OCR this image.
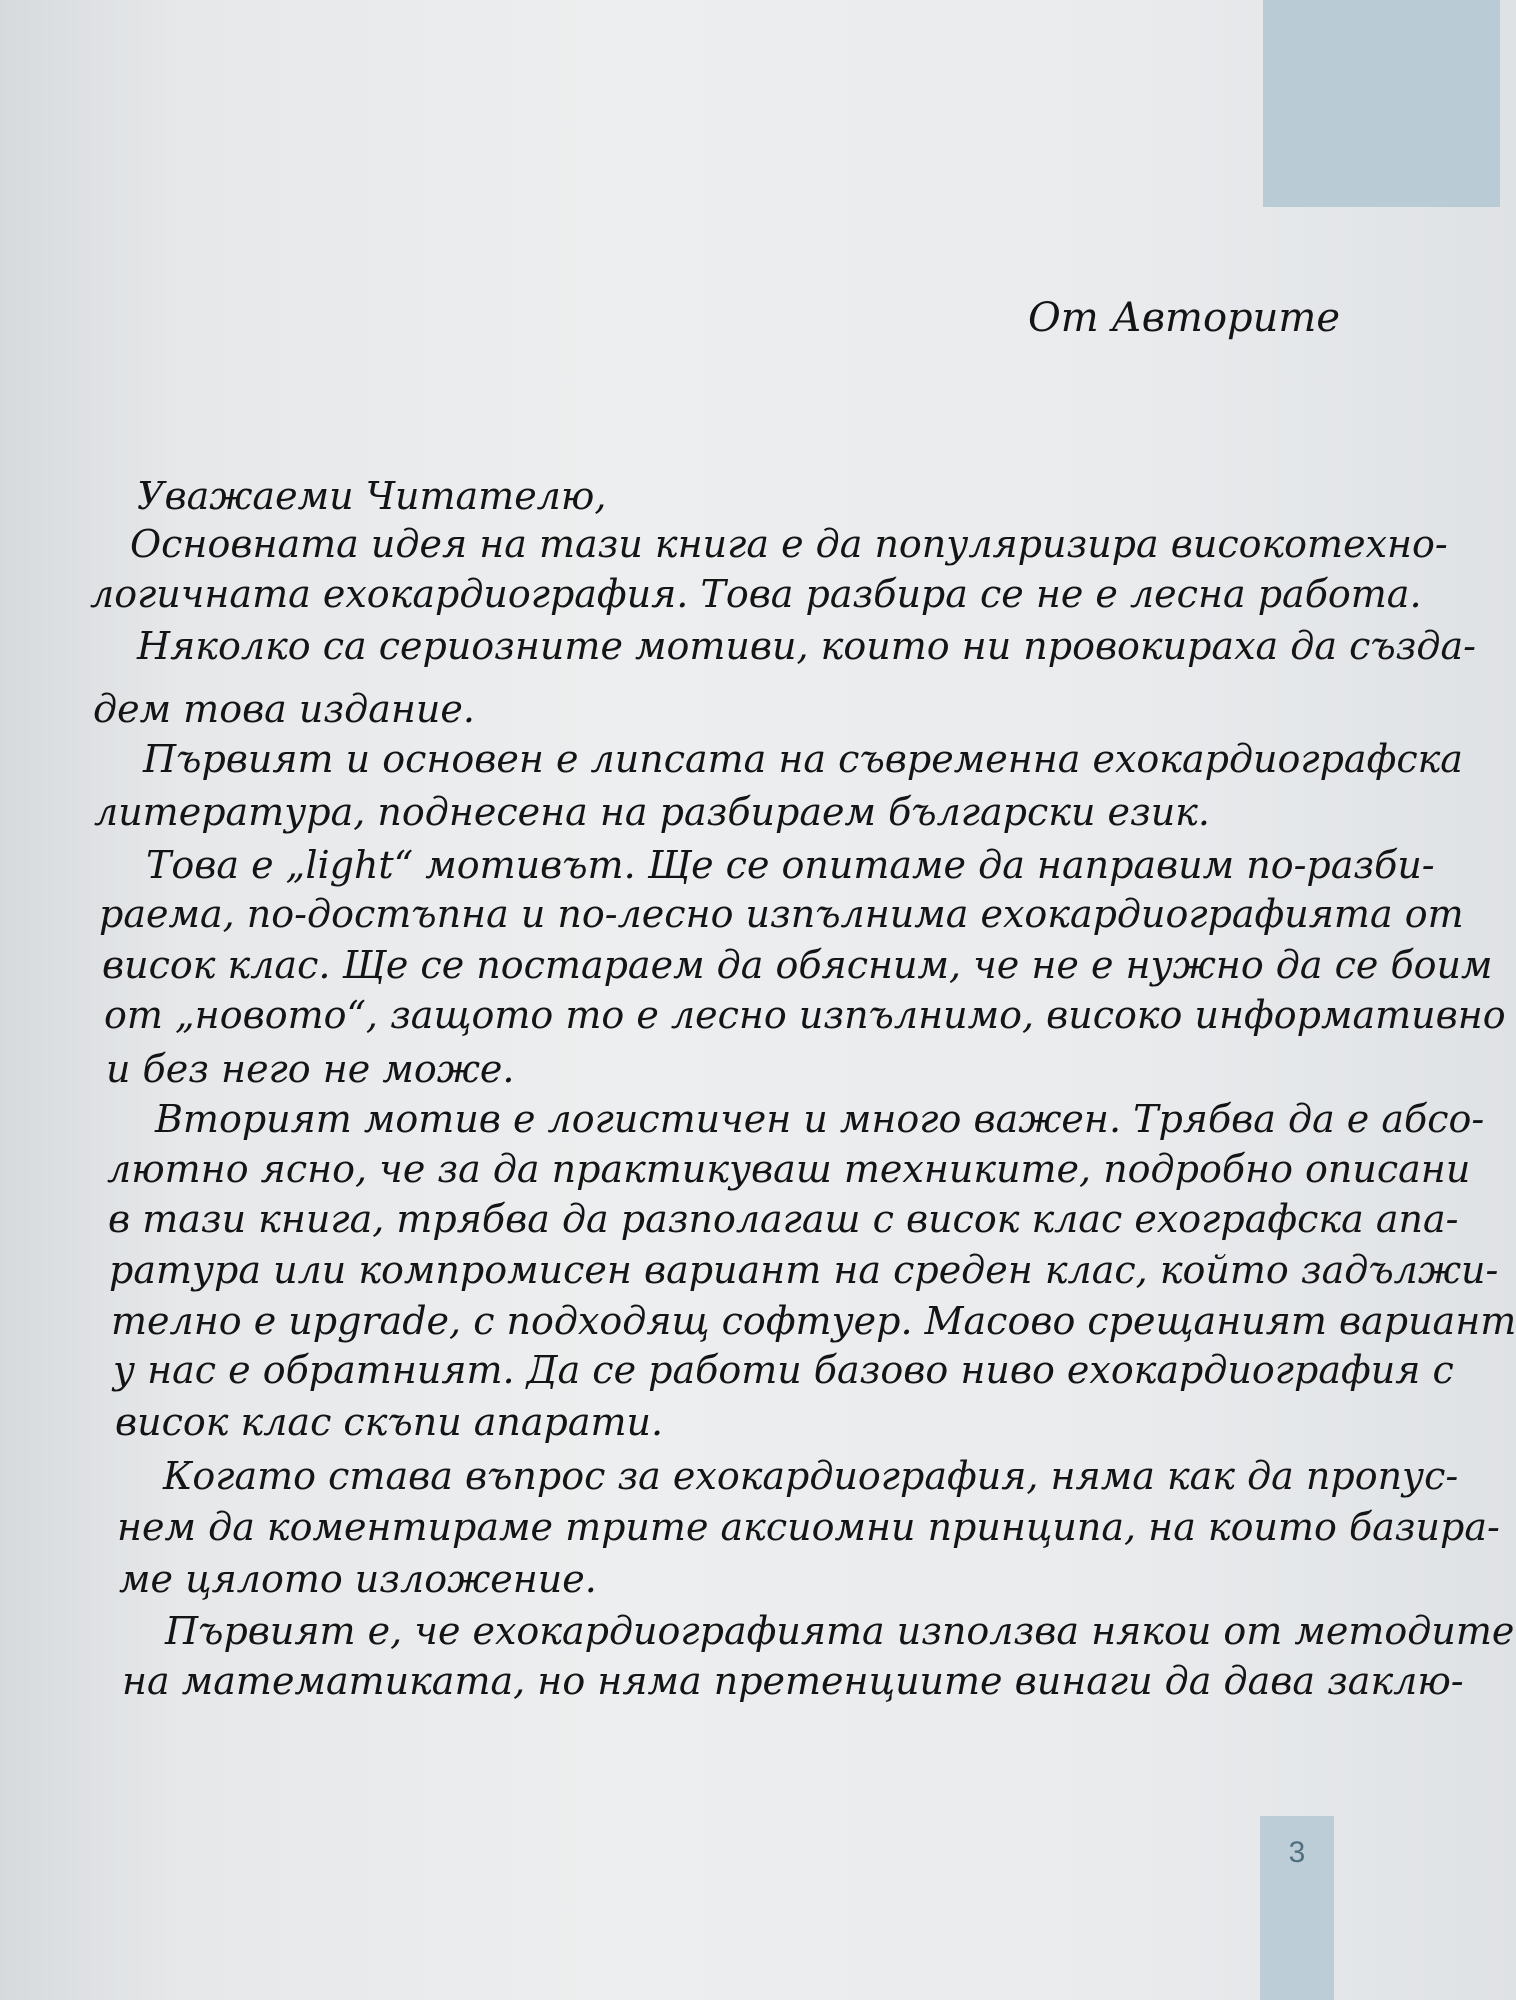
От Авторите
Уважаеми Читателю,
Основната идея на тази книга е да популяризира високотехно-
логичната ехокардиография. Това разбира се не е лесна работа.
Няколко са сериозните мотиви, които ни провокираха да създа-
дем това издание.
Първият и основен е липсата на съвременна ехокардиографска
литература, поднесена на разбираем български език.
Това е „light“ мотивът. Ще се опитаме да направим по-разби-
раема, по-достъпна и по-лесно изпълнима ехокардиографията от
висок клас. Ще се постараем да обясним, че не е нужно да се боим
от „новото“, защото то е лесно изпълнимо, високо информативно
и без него не може.
Вторият мотив е логистичен и много важен. Трябва да е абсо-
лютно ясно, че за да практикуваш техниките, подробно описани
в тази книга, трябва да разполагаш с висок клас ехографска апа-
ратура или компромисен вариант на среден клас, който задължи-
телно е upgrade, с подходящ софтуер. Масово срещаният вариант
у нас е обратният. Да се работи базово ниво ехокардиография с
висок клас скъпи апарати.
Когато става въпрос за ехокардиография, няма как да пропус-
нем да коментираме трите аксиомни принципа, на които базира-
ме цялото изложение.
Първият е, че ехокардиографията използва някои от методите
на математиката, но няма претенциите винаги да дава заклю-
3
